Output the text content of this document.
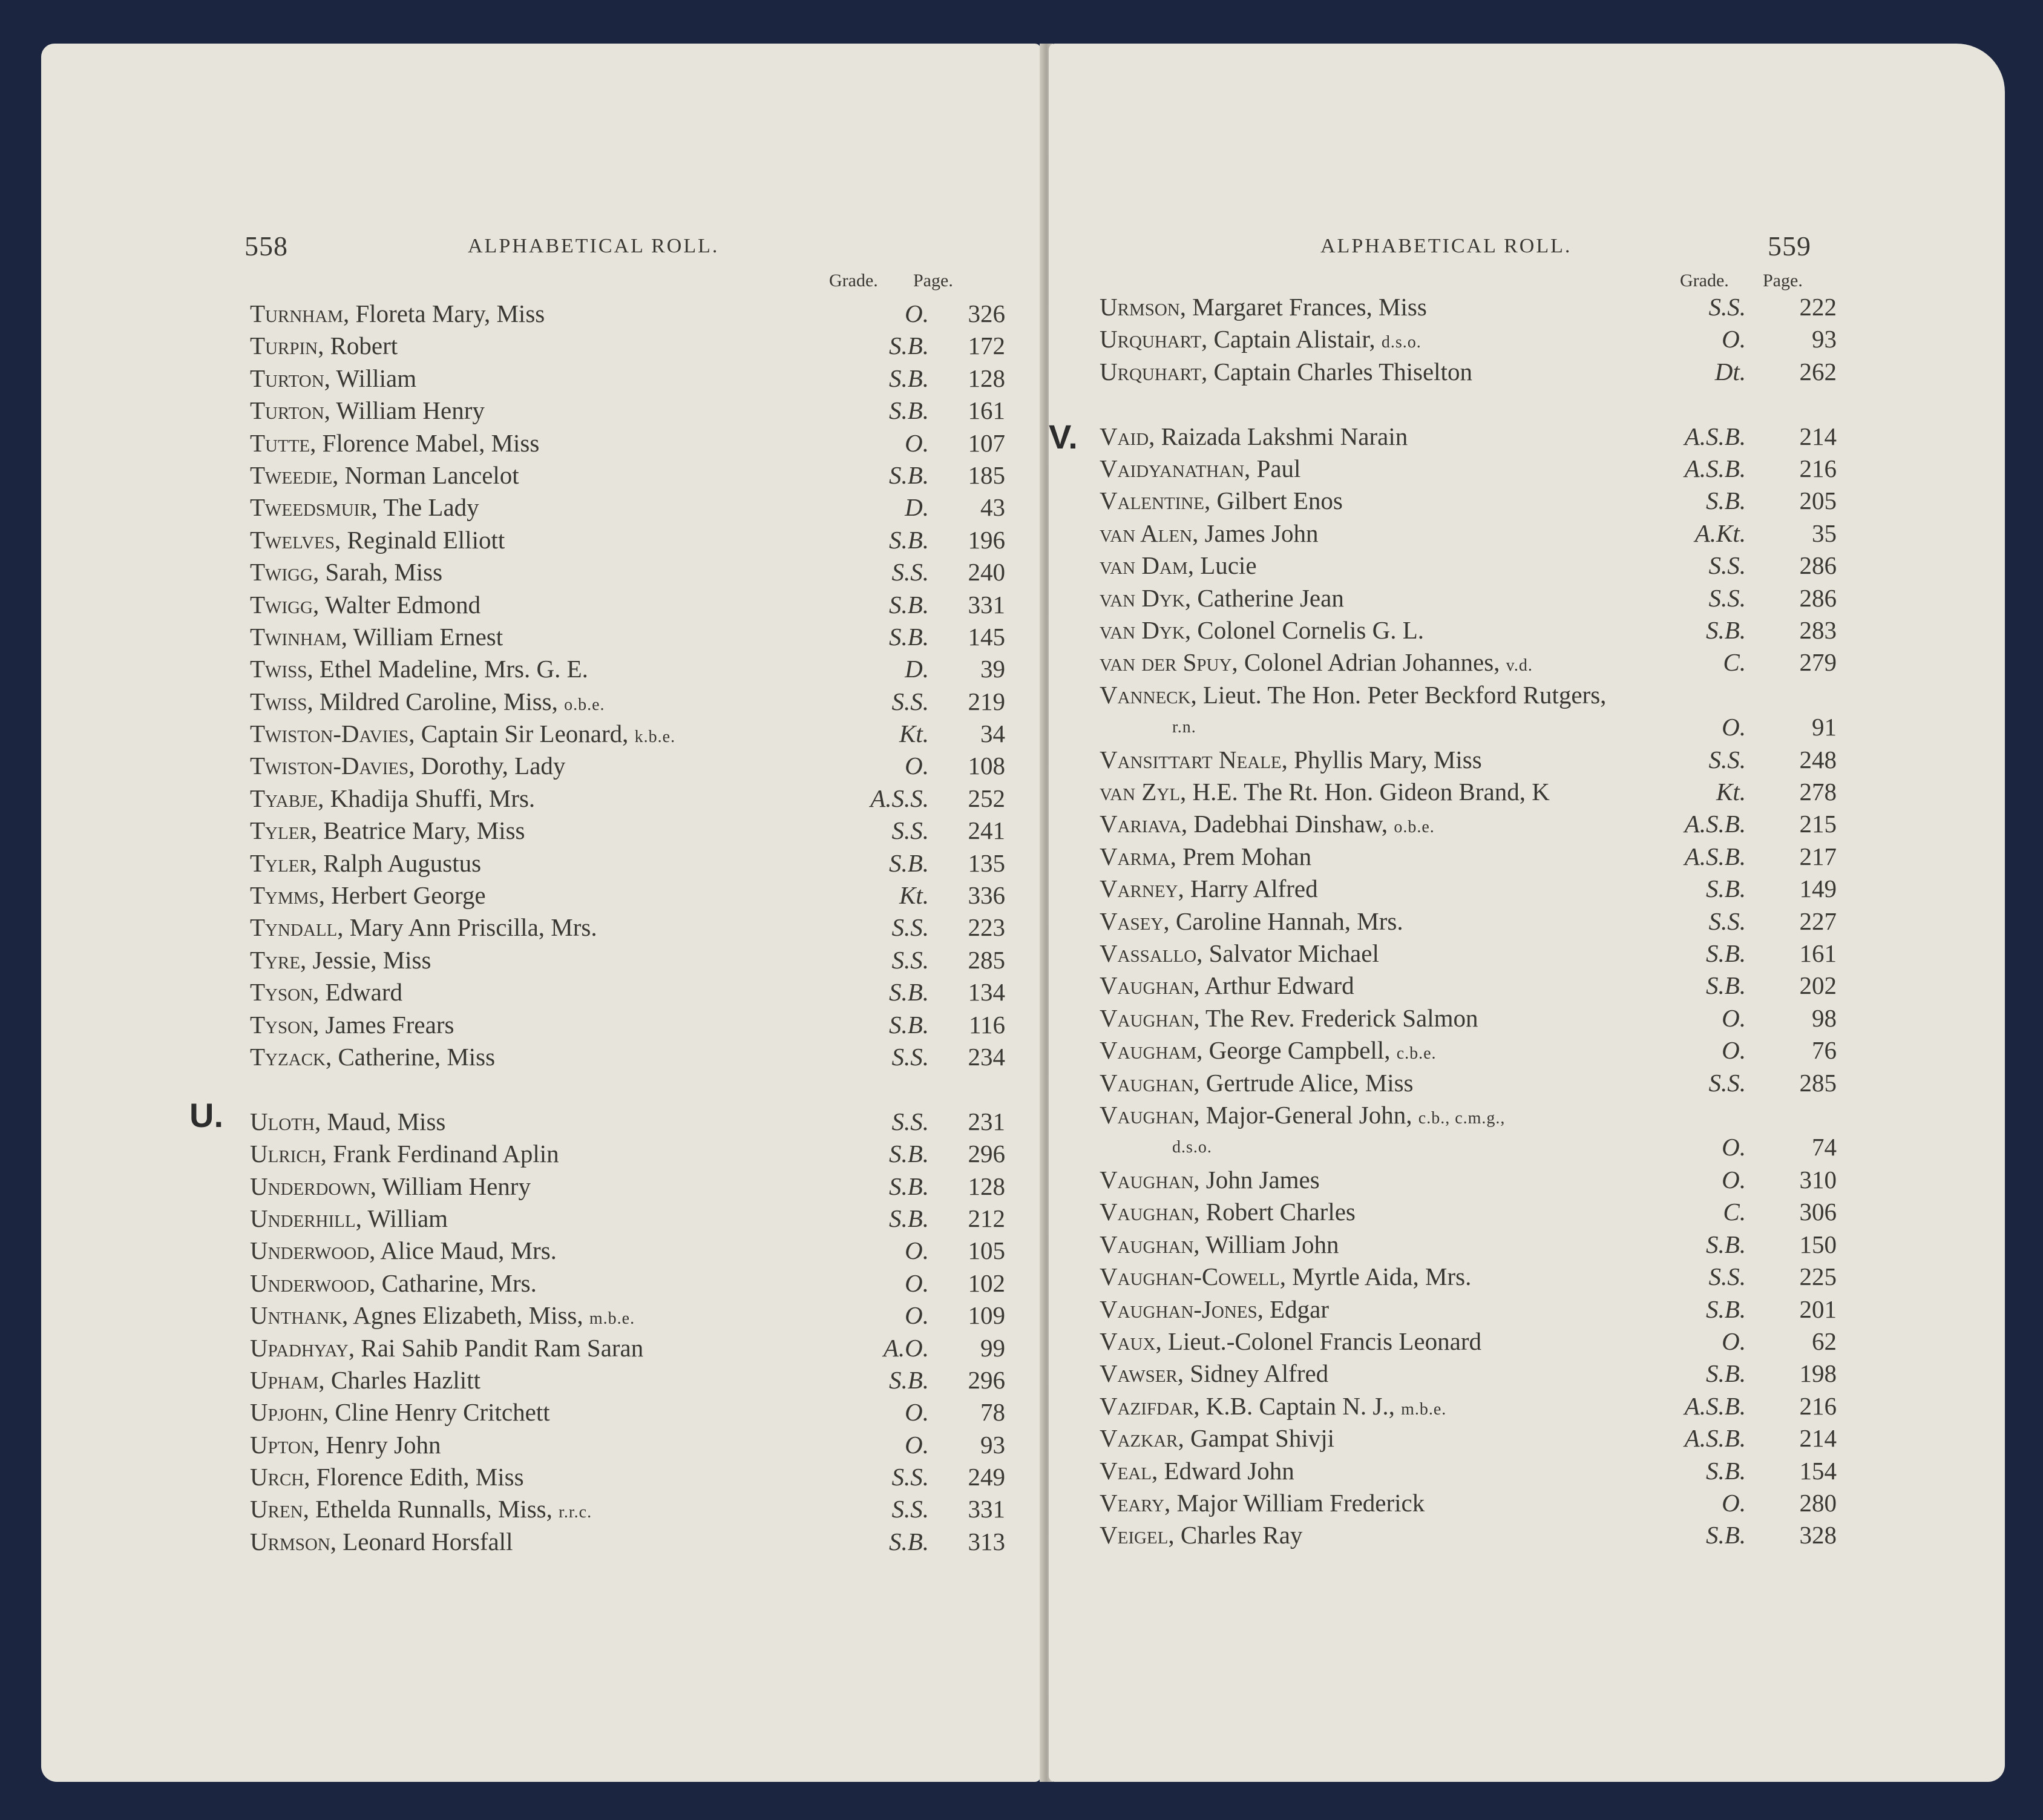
558	ALPHABETICAL ROLL.
Grade. Page.
U.
Turnham, Floreta Mary, Miss	O.	326
Turpin, Robert	S.B.	172
Turton, William	S.B.	128
Turton, William Henry	S.B.	161
Tutte, Florence Mabel, Miss	O.	107
Tweedie, Norman Lancelot	S.B.	185
Tweedsmuir, The Lady	D.	43
Twelves, Reginald Elliott	S.B.	196
Twigg, Sarah, Miss	S.S.	240
Twigg, Walter Edmond	S.B.	331
Twinham, William Ernest	S.B.	145
Twiss, Ethel Madeline, Mrs. G. E.	D.	39
Twiss, Mildred Caroline, Miss, o.b.e.	S.S.	219
Twiston-Davies, Captain Sir Leonard, k.b.e.	Kt.	34
Twiston-Davies, Dorothy, Lady	O.	108
Tyabje, Khadija Shuffi, Mrs.	A.S.S.	252
Tyler, Beatrice Mary, Miss	S.S.	241
Tyler, Ralph Augustus	S.B.	135
Tymms, Herbert George	Kt.	336
Tyndall, Mary Ann Priscilla, Mrs.	S.S.	223
Tyre, Jessie, Miss	S.S.	285
Tyson, Edward	S.B.	134
Tyson, James Frears	S.B.	116
Tyzack, Catherine, Miss	S.S.	234
Uloth, Maud, Miss	S.S.	231
Ulrich, Frank Ferdinand Aplin	S.B.	296
Underdown, William Henry	S.B.	128
Underhill, William	S.B.	212
Underwood, Alice Maud, Mrs.	O.	105
Underwood, Catharine, Mrs.	O.	102
Unthank, Agnes Elizabeth, Miss, m.b.e.	O.	109
Upadhyay, Rai Sahib Pandit Ram Saran	A.O.	99
Upham, Charles Hazlitt	S.B.	296
Upjohn, Cline Henry Critchett	O.	78
Upton, Henry John	O.	93
Urch, Florence Edith, Miss	S.S.	249
Uren, Ethelda Runnalls, Miss, r.r.c.	S.S.	331
Urmson, Leonard Horsfall	S.B.	313
ALPHABETICAL ROLL.	559
Grade. Page.
V.
Urmson, Margaret Frances, Miss	S.S.	222
Urquhart, Captain Alistair, d.s.o.	O.	93
Urquhart, Captain Charles Thiselton	Dt.	262
Vaid, Raizada Lakshmi Narain	A.S.B.	214
Vaidyanathan, Paul	A.S.B.	216
Valentine, Gilbert Enos	S.B.	205
van Alen, James John	A.Kt.	35
van Dam, Lucie	S.S.	286
van Dyk, Catherine Jean	S.S.	286
van Dyk, Colonel Cornelis G. L.	S.B.	283
van der Spuy, Colonel Adrian Johannes, v.d.	C.	279
Vanneck, Lieut. The Hon. Peter Beckford Rutgers,
r.n.	O.	91
Vansittart Neale, Phyllis Mary, Miss	S.S.	248
van Zyl, H.E. The Rt. Hon. Gideon Brand, K	Kt.	278
Variava, Dadebhai Dinshaw, o.b.e.	A.S.B.	215
Varma, Prem Mohan	A.S.B.	217
Varney, Harry Alfred	S.B.	149
Vasey, Caroline Hannah, Mrs.	S.S.	227
Vassallo, Salvator Michael	S.B.	161
Vaughan, Arthur Edward	S.B.	202
Vaughan, The Rev. Frederick Salmon	O.	98
Vaugham, George Campbell, c.b.e.	O.	76
Vaughan, Gertrude Alice, Miss	S.S.	285
Vaughan, Major-General John, c.b., c.m.g.,
d.s.o.	O.	74
Vaughan, John James	O.	310
Vaughan, Robert Charles	C.	306
Vaughan, William John	S.B.	150
Vaughan-Cowell, Myrtle Aida, Mrs.	S.S.	225
Vaughan-Jones, Edgar	S.B.	201
Vaux, Lieut.-Colonel Francis Leonard	O.	62
Vawser, Sidney Alfred	S.B.	198
Vazifdar, K.B. Captain N. J., m.b.e.	A.S.B.	216
Vazkar, Gampat Shivji	A.S.B.	214
Veal, Edward John	S.B.	154
Veary, Major William Frederick	O.	280
Veigel, Charles Ray	S.B.	328
